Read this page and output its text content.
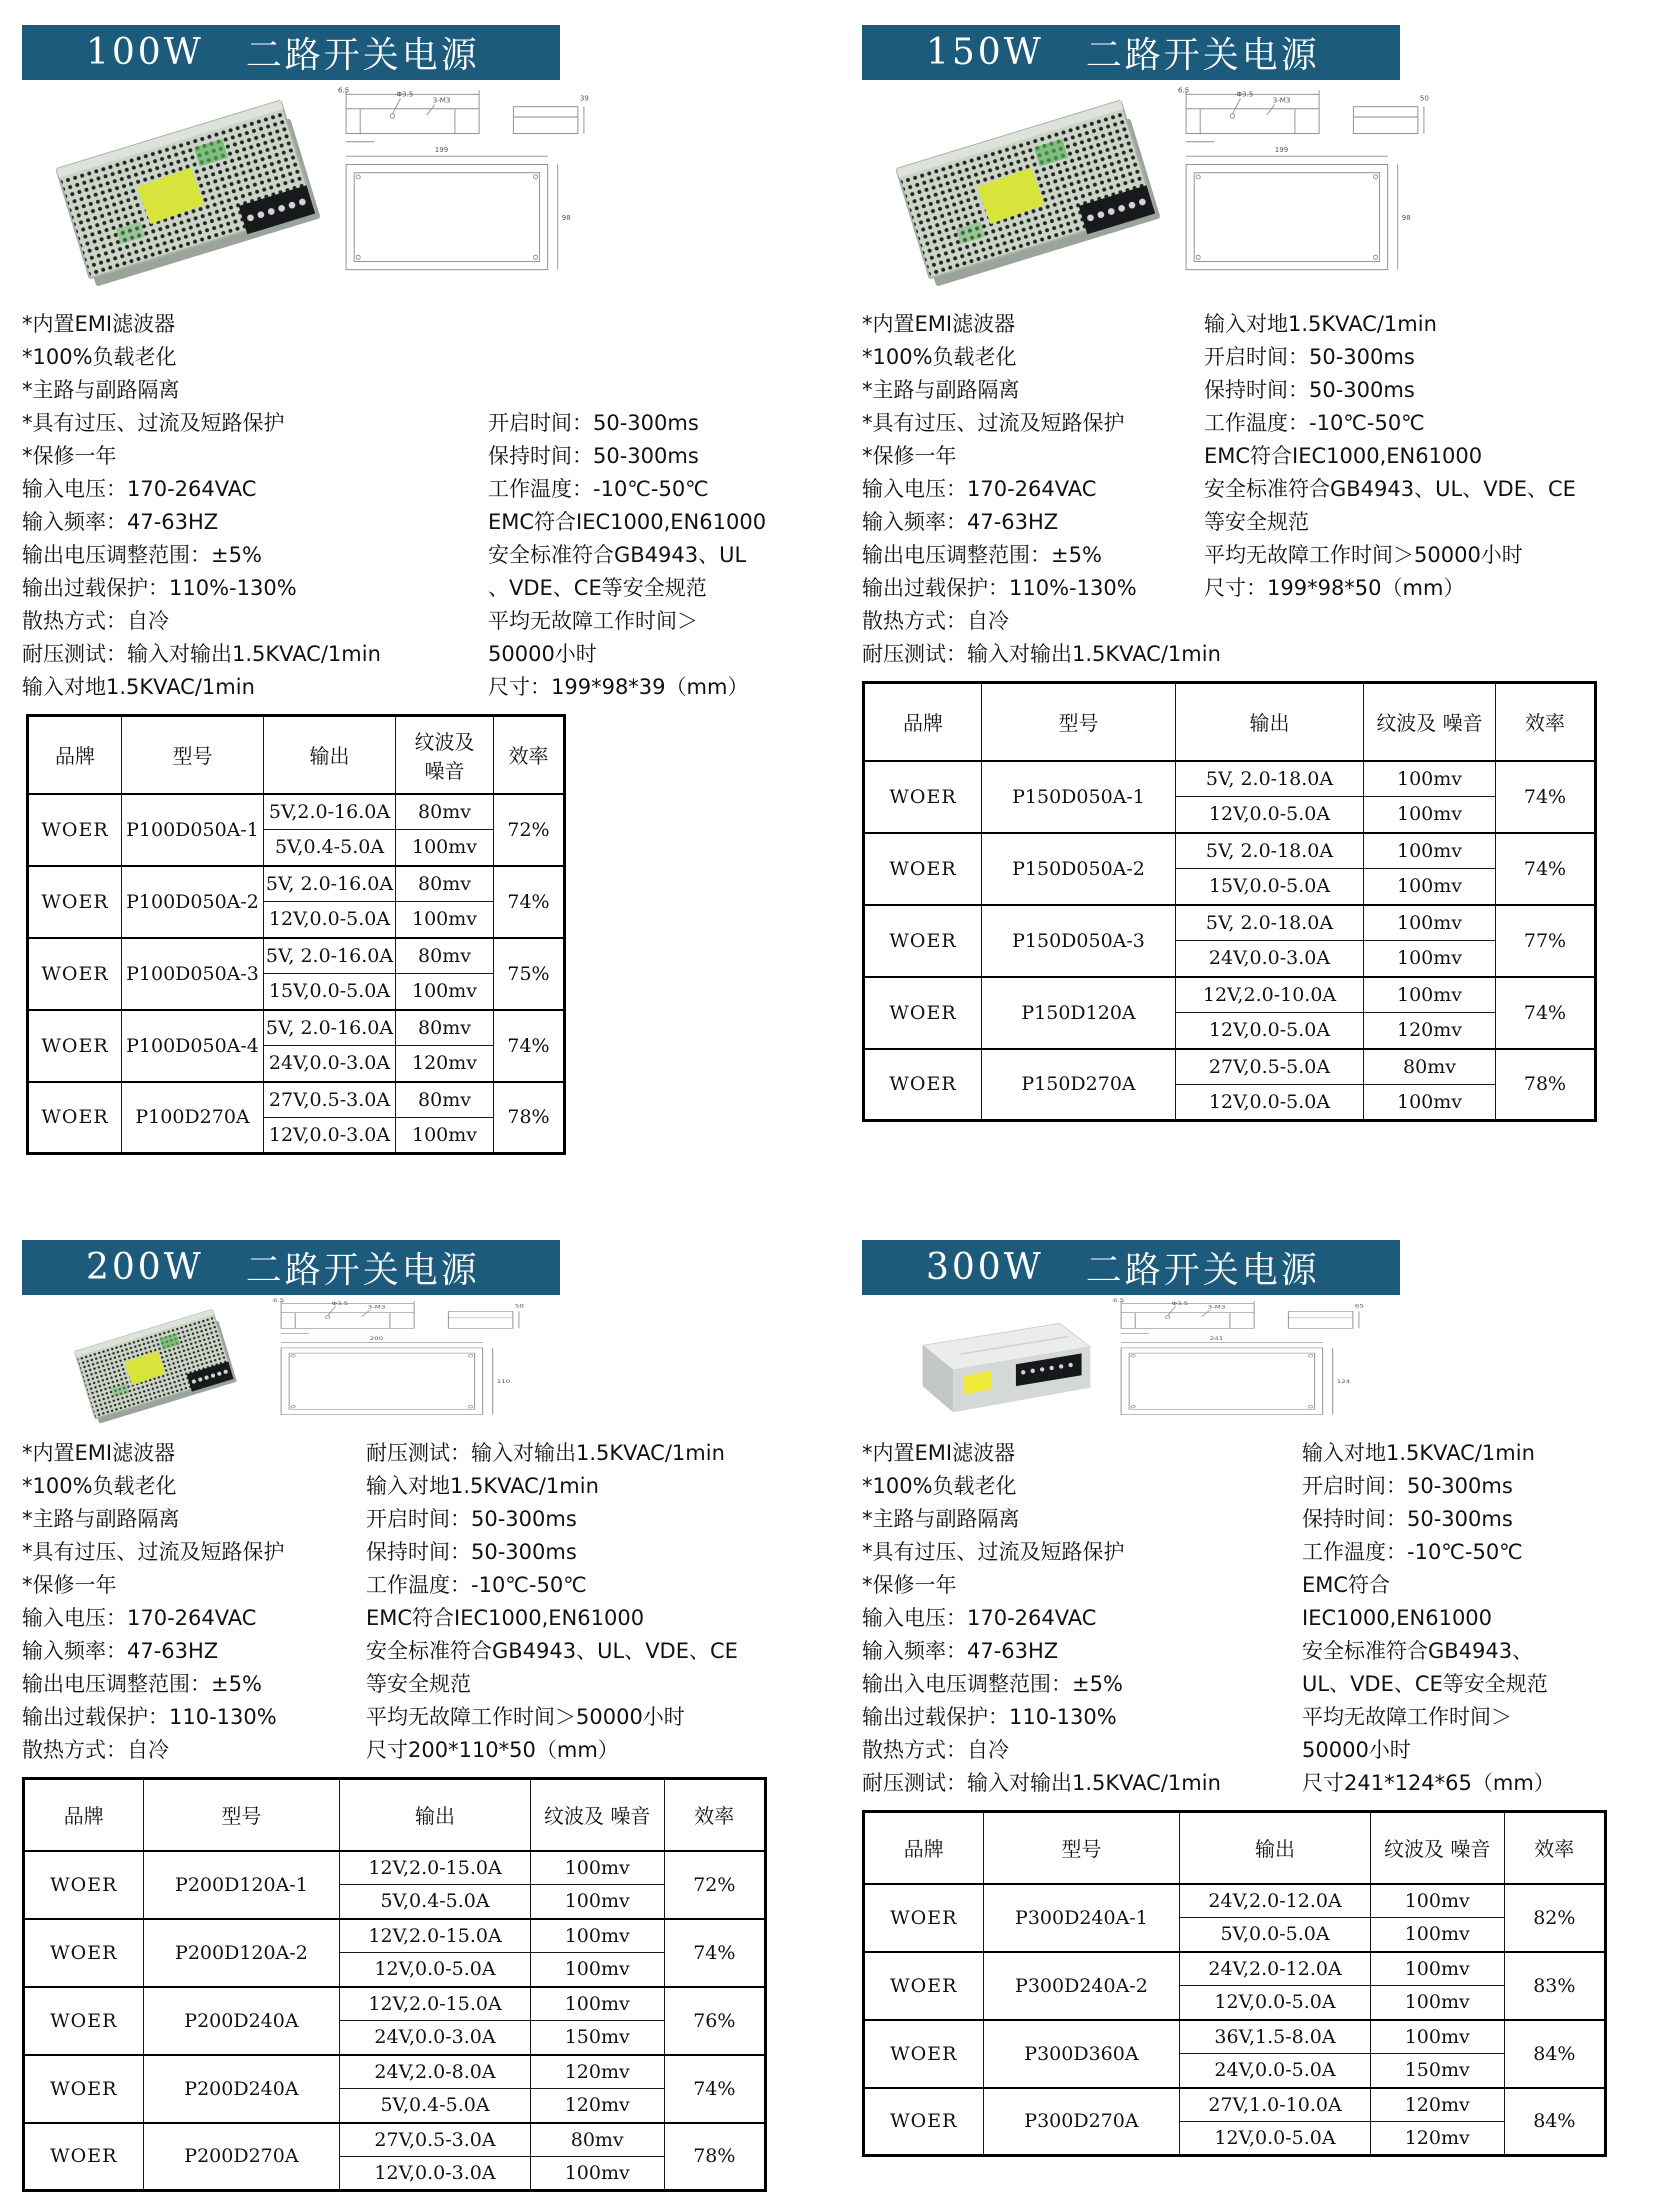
100W 二路开关电源
6.5	Φ3.5
3-M3
199
98
39
*内置EMI滤波器
*100%负载老化
*主路与副路隔离
*具有过压、过流及短路保护
*保修一年
输入电压：170-264VAC
输入频率：47-63HZ
输出电压调整范围：±5%
输出过载保护：110%-130%
散热方式：自冷
耐压测试：输入对输出1.5KVAC/1min
输入对地1.5KVAC/1min
开启时间：50-300ms
保持时间：50-300ms
工作温度：-10℃-50℃
EMC符合IEC1000,EN61000
安全标准符合GB4943、UL
、VDE、CE等安全规范
平均无故障工作时间＞
50000小时
尺寸：199*98*39（mm）
品牌	型号	输出	纹波及 噪音	效率
WOER	P100D050A-1	5V,2.0-16.0A	80mv	72%
		5V,0.4-5.0A	100mv	
WOER	P100D050A-2	5V, 2.0-16.0A	80mv	74%
		12V,0.0-5.0A	100mv	
WOER	P100D050A-3	5V, 2.0-16.0A	80mv	75%
		15V,0.0-5.0A	100mv	
WOER	P100D050A-4	5V, 2.0-16.0A	80mv	74%
		24V,0.0-3.0A	120mv	
WOER	P100D270A	27V,0.5-3.0A	80mv	78%
		12V,0.0-3.0A	100mv	
150W 二路开关电源
6.5	Φ3.5
3-M3
199
98
50
*内置EMI滤波器
*100%负载老化
*主路与副路隔离
*具有过压、过流及短路保护
*保修一年
输入电压：170-264VAC
输入频率：47-63HZ
输出电压调整范围：±5%
输出过载保护：110%-130%
散热方式：自冷
耐压测试：输入对输出1.5KVAC/1min
输入对地1.5KVAC/1min
开启时间：50-300ms
保持时间：50-300ms
工作温度：-10℃-50℃
EMC符合IEC1000,EN61000
安全标准符合GB4943、UL、VDE、CE
等安全规范
平均无故障工作时间＞50000小时
尺寸：199*98*50（mm）
品牌	型号	输出	纹波及 噪音	效率
WOER	P150D050A-1	5V, 2.0-18.0A	100mv	74%
		12V,0.0-5.0A	100mv	
WOER	P150D050A-2	5V, 2.0-18.0A	100mv	74%
		15V,0.0-5.0A	100mv	
WOER	P150D050A-3	5V, 2.0-18.0A	100mv	77%
		24V,0.0-3.0A	100mv	
WOER	P150D120A	12V,2.0-10.0A	100mv	74%
		12V,0.0-5.0A	120mv	
WOER	P150D270A	27V,0.5-5.0A	80mv	78%
		12V,0.0-5.0A	100mv	
200W 二路开关电源
6.5	Φ3.5
3-M3
200
110
50
*内置EMI滤波器
*100%负载老化
*主路与副路隔离
*具有过压、过流及短路保护
*保修一年
输入电压：170-264VAC
输入频率：47-63HZ
输出电压调整范围：±5%
输出过载保护：110-130%
散热方式：自冷
耐压测试：输入对输出1.5KVAC/1min
输入对地1.5KVAC/1min
开启时间：50-300ms
保持时间：50-300ms
工作温度：-10℃-50℃
EMC符合IEC1000,EN61000
安全标准符合GB4943、UL、VDE、CE
等安全规范
平均无故障工作时间＞50000小时
尺寸200*110*50（mm）
品牌	型号	输出	纹波及 噪音	效率
WOER	P200D120A-1	12V,2.0-15.0A	100mv	72%
		5V,0.4-5.0A	100mv	
WOER	P200D120A-2	12V,2.0-15.0A	100mv	74%
		12V,0.0-5.0A	100mv	
WOER	P200D240A	12V,2.0-15.0A	100mv	76%
		24V,0.0-3.0A	150mv	
WOER	P200D240A	24V,2.0-8.0A	120mv	74%
		5V,0.4-5.0A	120mv	
WOER	P200D270A	27V,0.5-3.0A	80mv	78%
		12V,0.0-3.0A	100mv	
300W 二路开关电源
6.5	Φ3.5
3-M3
241
124
65
*内置EMI滤波器
*100%负载老化
*主路与副路隔离
*具有过压、过流及短路保护
*保修一年
输入电压：170-264VAC
输入频率：47-63HZ
输出入电压调整范围：±5%
输出过载保护：110-130%
散热方式：自冷
耐压测试：输入对输出1.5KVAC/1min
输入对地1.5KVAC/1min
开启时间：50-300ms
保持时间：50-300ms
工作温度：-10℃-50℃
EMC符合
IEC1000,EN61000
安全标准符合GB4943、
UL、VDE、CE等安全规范
平均无故障工作时间＞
50000小时
尺寸241*124*65（mm）
品牌	型号	输出	纹波及 噪音	效率
WOER	P300D240A-1	24V,2.0-12.0A	100mv	82%
		5V,0.0-5.0A	100mv	
WOER	P300D240A-2	24V,2.0-12.0A	100mv	83%
		12V,0.0-5.0A	100mv	
WOER	P300D360A	36V,1.5-8.0A	100mv	84%
		24V,0.0-5.0A	150mv	
WOER	P300D270A	27V,1.0-10.0A	120mv	84%
		12V,0.0-5.0A	120mv	
